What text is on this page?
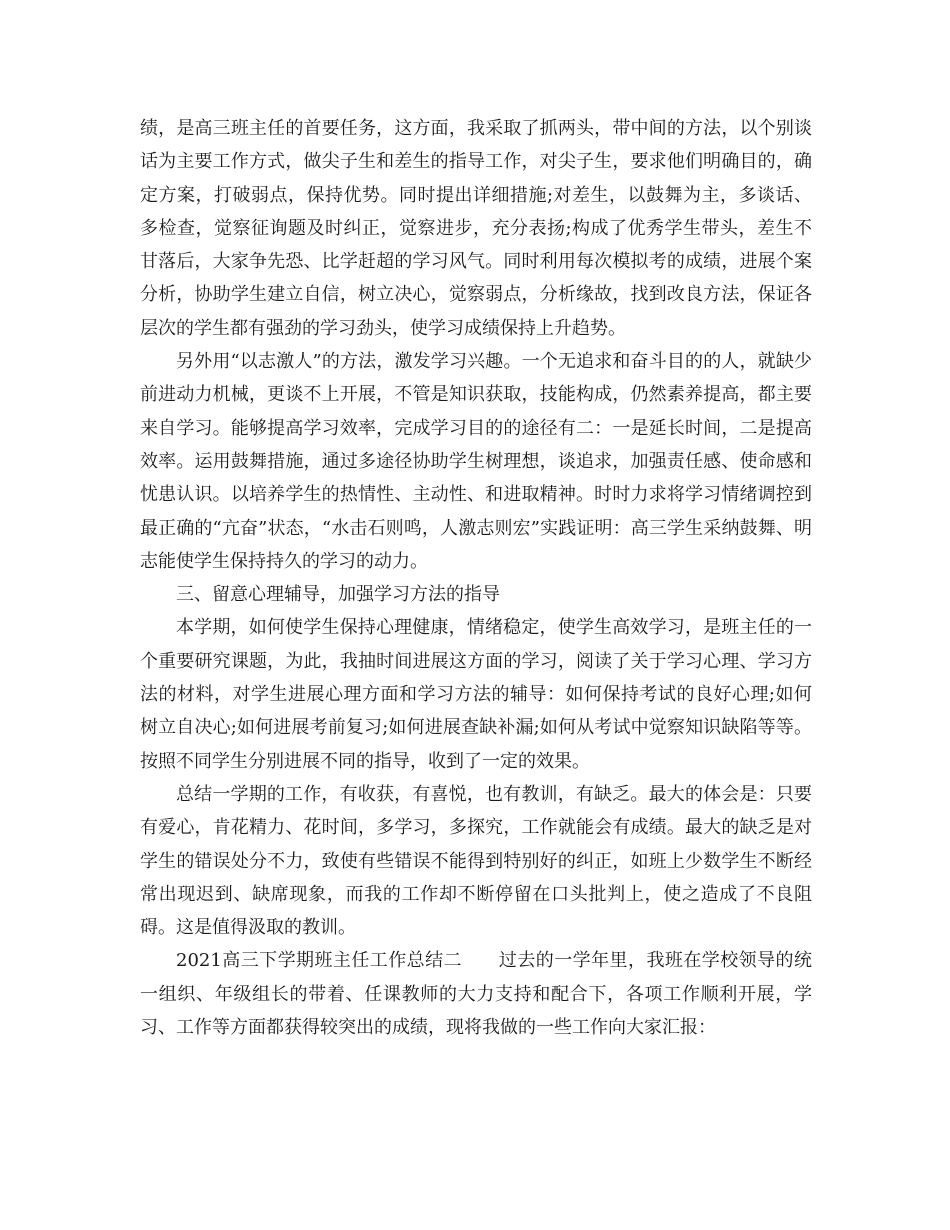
绩，是高三班主任的首要任务，这方面，我采取了抓两头，带中间的方法，以个别谈话为主要工作方式，做尖子生和差生的指导工作，对尖子生，要求他们明确目的，确定方案，打破弱点，保持优势。同时提出详细措施;对差生，以鼓舞为主，多谈话、多检查，觉察征询题及时纠正，觉察进步，充分表扬;构成了优秀学生带头，差生不甘落后，大家争先恐、比学赶超的学习风气。同时利用每次模拟考的成绩，进展个案分析，协助学生建立自信，树立决心，觉察弱点，分析缘故，找到改良方法，保证各层次的学生都有强劲的学习劲头，使学习成绩保持上升趋势。

另外用“以志激人”的方法，激发学习兴趣。一个无追求和奋斗目的的人，就缺少前进动力机械，更谈不上开展，不管是知识获取，技能构成，仍然素养提高，都主要来自学习。能够提高学习效率，完成学习目的的途径有二：一是延长时间，二是提高效率。运用鼓舞措施，通过多途径协助学生树理想，谈追求，加强责任感、使命感和忧患认识。以培养学生的热情性、主动性、和进取精神。时时力求将学习情绪调控到最正确的“亢奋”状态，“水击石则鸣，人激志则宏”实践证明：高三学生采纳鼓舞、明志能使学生保持持久的学习的动力。

三、留意心理辅导，加强学习方法的指导

本学期，如何使学生保持心理健康，情绪稳定，使学生高效学习，是班主任的一个重要研究课题，为此，我抽时间进展这方面的学习，阅读了关于学习心理、学习方法的材料，对学生进展心理方面和学习方法的辅导：如何保持考试的良好心理;如何树立自决心;如何进展考前复习;如何进展查缺补漏;如何从考试中觉察知识缺陷等等。按照不同学生分别进展不同的指导，收到了一定的效果。

总结一学期的工作，有收获，有喜悦，也有教训，有缺乏。最大的体会是：只要有爱心，肯花精力、花时间，多学习，多探究，工作就能会有成绩。最大的缺乏是对学生的错误处分不力，致使有些错误不能得到特别好的纠正，如班上少数学生不断经常出现迟到、缺席现象，而我的工作却不断停留在口头批判上，使之造成了不良阻碍。这是值得汲取的教训。

2021高三下学期班主任工作总结二　　过去的一学年里，我班在学校领导的统一组织、年级组长的带着、任课教师的大力支持和配合下，各项工作顺利开展，学习、工作等方面都获得较突出的成绩，现将我做的一些工作向大家汇报：
